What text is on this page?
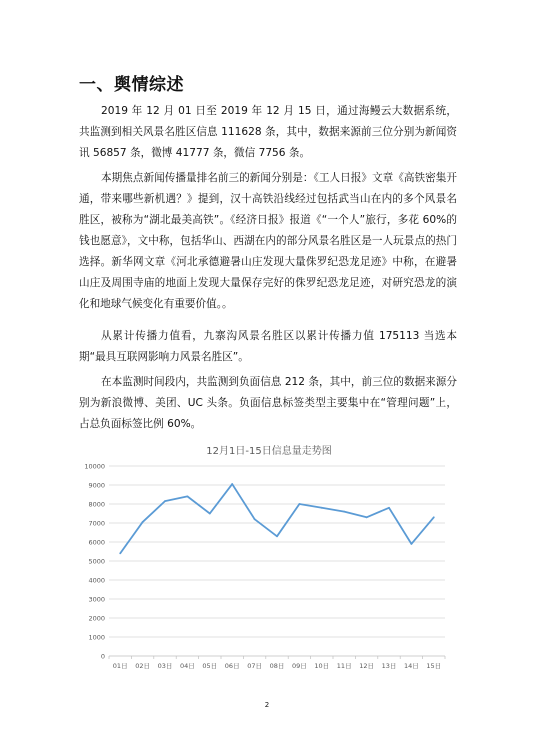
一、舆情综述

2019 年 12 月 01 日至 2019 年 12 月 15 日，通过海鳗云大数据系统，共监测到相关风景名胜区信息 111628 条，其中，数据来源前三位分别为新闻资讯 56857 条，微博 41777 条，微信 7756 条。

本期焦点新闻传播量排名前三的新闻分别是：《工人日报》文章《高铁密集开通，带来哪些新机遇？》提到，汉十高铁沿线经过包括武当山在内的多个风景名胜区，被称为“湖北最美高铁”。《经济日报》报道《“一个人”旅行，多花 60%的钱也愿意》，文中称，包括华山、西湖在内的部分风景名胜区是一人玩景点的热门选择。新华网文章《河北承德避暑山庄发现大量侏罗纪恐龙足迹》中称，在避暑山庄及周围寺庙的地面上发现大量保存完好的侏罗纪恐龙足迹，对研究恐龙的演化和地球气候变化有重要价值。。

从累计传播力值看，九寨沟风景名胜区以累计传播力值 175113 当选本期“最具互联网影响力风景名胜区”。

在本监测时间段内，共监测到负面信息 212 条，其中，前三位的数据来源分别为新浪微博、美团、UC 头条。负面信息标签类型主要集中在“管理问题”上，占总负面标签比例 60%。

0
1000
2000
3000
4000
5000
6000
7000
8000
9000
10000
01日 02日 03日 04日 05日 06日 07日 08日 09日 10日 11日 12日 13日 14日 15日
12月1日-15日信息量走势图
2
